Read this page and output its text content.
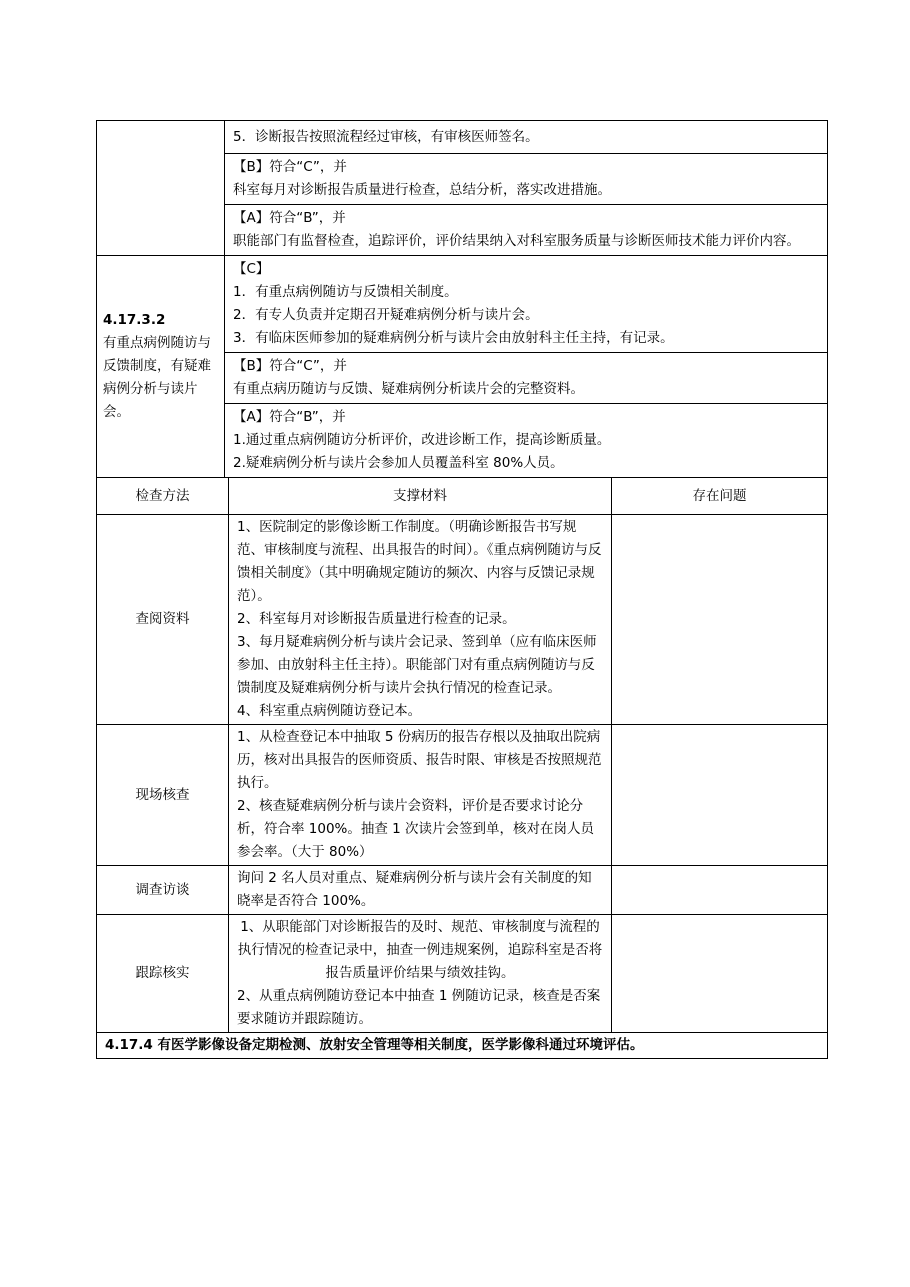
	5．诊断报告按照流程经过审核，有审核医师签名。

	【B】符合“C”，并
科室每月对诊断报告质量进行检查，总结分析，落实改进措施。

	【A】符合“B”，并
职能部门有监督检查，追踪评价，评价结果纳入对科室服务质量与诊断医师技术能力评价内容。

4.17.3.2
有重点病例随访与反馈制度，有疑难病例分析与读片会。	【C】
1．有重点病例随访与反馈相关制度。
2．有专人负责并定期召开疑难病例分析与读片会。
3．有临床医师参加的疑难病例分析与读片会由放射科主任主持，有记录。

	【B】符合“C”，并
有重点病历随访与反馈、疑难病例分析读片会的完整资料。

	【A】符合“B”，并
1.通过重点病例随访分析评价，改进诊断工作，提高诊断质量。
2.疑难病例分析与读片会参加人员覆盖科室 80%人员。
检查方法	支撑材料	存在问题
查阅资料	1、医院制定的影像诊断工作制度。（明确诊断报告书写规范、审核制度与流程、出具报告的时间）。《重点病例随访与反馈相关制度》（其中明确规定随访的频次、内容与反馈记录规范）。
2、科室每月对诊断报告质量进行检查的记录。
3、每月疑难病例分析与读片会记录、签到单（应有临床医师参加、由放射科主任主持）。职能部门对有重点病例随访与反馈制度及疑难病例分析与读片会执行情况的检查记录。
4、科室重点病例随访登记本。	

现场核查	1、从检查登记本中抽取 5 份病历的报告存根以及抽取出院病历，核对出具报告的医师资质、报告时限、审核是否按照规范执行。
2、核查疑难病例分析与读片会资料，评价是否要求讨论分析，符合率 100%。抽查 1 次读片会签到单，核对在岗人员参会率。（大于 80%）	

调查访谈	询问 2 名人员对重点、疑难病例分析与读片会有关制度的知晓率是否符合 100%。	

跟踪核实	1、从职能部门对诊断报告的及时、规范、审核制度与流程的执行情况的检查记录中，抽查一例违规案例，追踪科室是否将报告质量评价结果与绩效挂钩。
2、从重点病例随访登记本中抽查 1 例随访记录，核查是否案要求随访并跟踪随访。	

4.17.4 有医学影像设备定期检测、放射安全管理等相关制度，医学影像科通过环境评估。		
